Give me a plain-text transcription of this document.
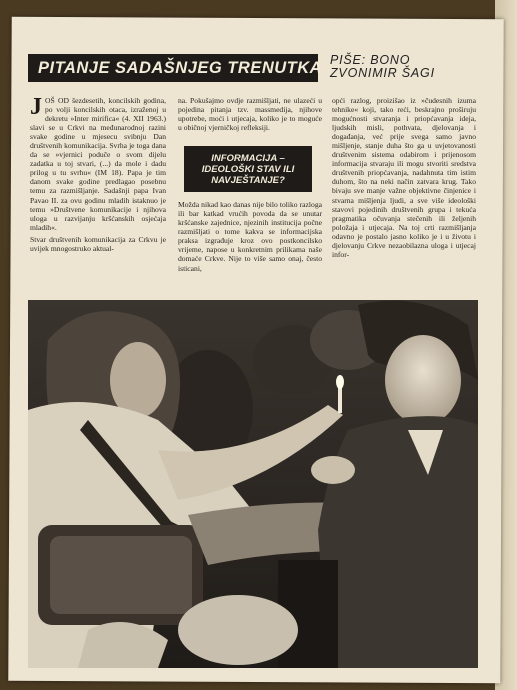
PITANJE SADAŠNJEG TRENUTKA PIŠE: BONO
ZVONIMIR ŠAGI

JOŠ OD šezdesetih, koncilskih godina, po volji koncilskih otaca, izraženoj u dekretu »Inter mirifica« (4. XII 1963.) slavi se u Crkvi na međunarodnoj razini svake godine u mjesecu svibnju Dan društvenih komunikacija. Svrha je toga dana da se »vjernici poduče o svom dijelu zadatka u toj stvari, (...) da mole i dadu prilog u tu svrhu« (IM 18). Papa je tim danom svake godine predlagao posebnu temu za razmišljanje. Sadašnji papa Ivan Pavao II. za ovu godinu mladih istaknuo je temu »Društvene komunikacije i njihova uloga u razvijanju kršćanskih osjećaja mladih«.

Stvar društvenih komunikacija za Crkvu je uvijek mnogostruko aktual-

na. Pokušajmo ovdje razmišljati, ne ulazeći u pojedina pitanja tzv. massmedija, njihove upotrebe, moći i utjecaja, koliko je to moguće u običnoj vjerničkoj refleksiji.

INFORMACIJA – IDEOLOŠKI STAV ILI NAVJEŠTANJE?

Možda nikad kao danas nije bilo toliko razloga ili bar katkad vrućih povoda da se unutar kršćanske zajednice, njezinih institucija počne razmišljati o tome kakva se informacijska praksa izgrađuje kroz ovo postkoncilsko vrijeme, napose u konkretnim prilikama naše domaće Crkve. Nije to više samo onaj, često isticani,

opći razlog, proizišao iz »čudesnih izuma tehnike« koji, tako reći, beskrajno proširuju mogućnosti stvaranja i priopćavanja ideja, ljudskih misli, pothvata, djelovanja i događanja, već prije svega samo javno mišljenje, stanje duha što ga u uvjetovanosti društvenim sistema odabirom i prijenosom informacija stvaraju ili mogu stvoriti sredstva društvenih priopćavanja, nadahnuta tim istim duhom, što na neki način zatvara krug. Tako bivaju sve manje važne objektivne činjenice i stvarna mišljenja ljudi, a sve više ideološki stavovi pojedinih društvenih grupa i tekuća pragmatika očuvanja stečenih ili željenih položaja i utjecaja. Na toj crti razmišljanja odavno je postalo jasno koliko je i u životu i djelovanju Crkve nezaobilazna uloga i utjecaj infor-
